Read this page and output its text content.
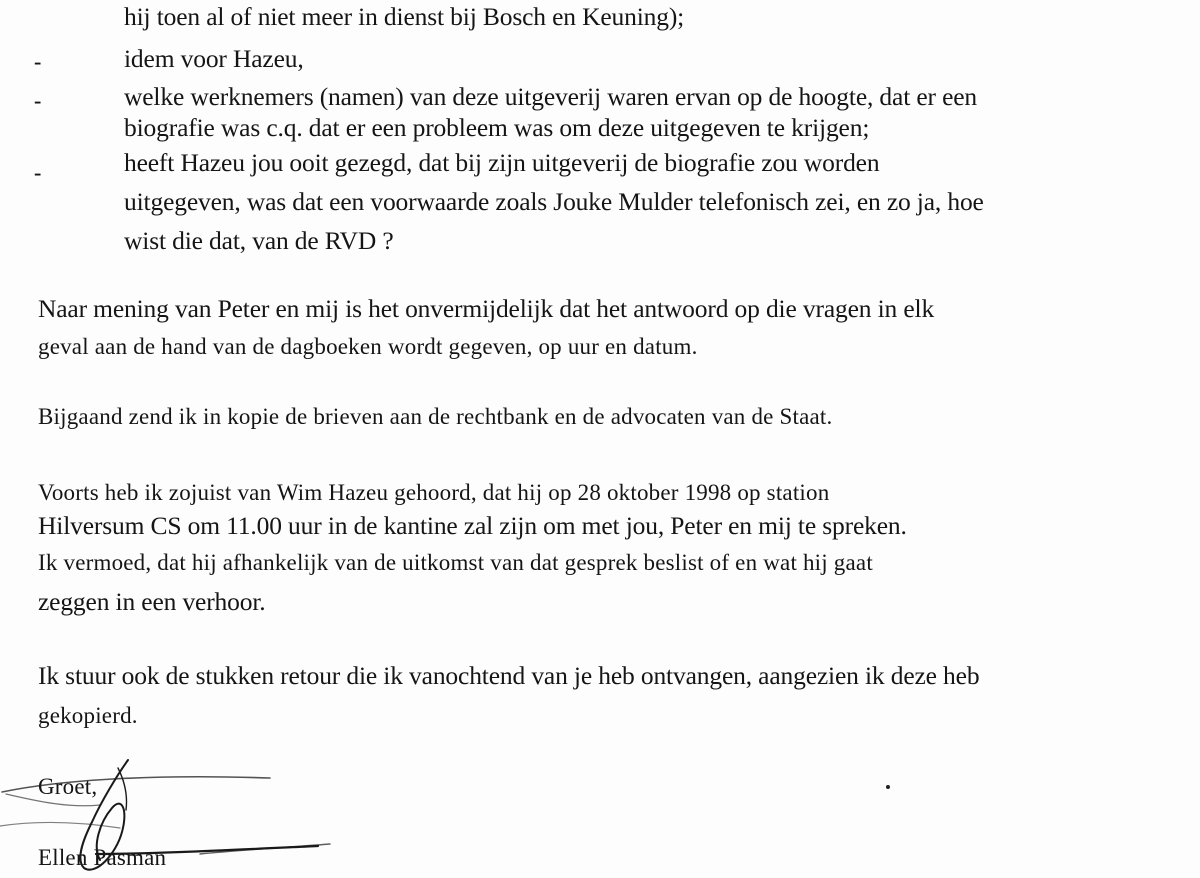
hij toen al of niet meer in dienst bij Bosch en Keuning);
-	idem voor Hazeu,
-	welke werknemers (namen) van deze uitgeverij waren ervan op de hoogte, dat er een
biografie was c.q. dat er een probleem was om deze uitgegeven te krijgen;
-	heeft Hazeu jou ooit gezegd, dat bij zijn uitgeverij de biografie zou worden
uitgegeven, was dat een voorwaarde zoals Jouke Mulder telefonisch zei, en zo ja, hoe
wist die dat, van de RVD ?
Naar mening van Peter en mij is het onvermijdelijk dat het antwoord op die vragen in elk
geval aan de hand van de dagboeken wordt gegeven, op uur en datum.
Bijgaand zend ik in kopie de brieven aan de rechtbank en de advocaten van de Staat.
Voorts heb ik zojuist van Wim Hazeu gehoord, dat hij op 28 oktober 1998 op station
Hilversum CS om 11.00 uur in de kantine zal zijn om met jou, Peter en mij te spreken.
Ik vermoed, dat hij afhankelijk van de uitkomst van dat gesprek beslist of en wat hij gaat
zeggen in een verhoor.
Ik stuur ook de stukken retour die ik vanochtend van je heb ontvangen, aangezien ik deze heb
gekopierd.
Groet,
Ellen Pasman
